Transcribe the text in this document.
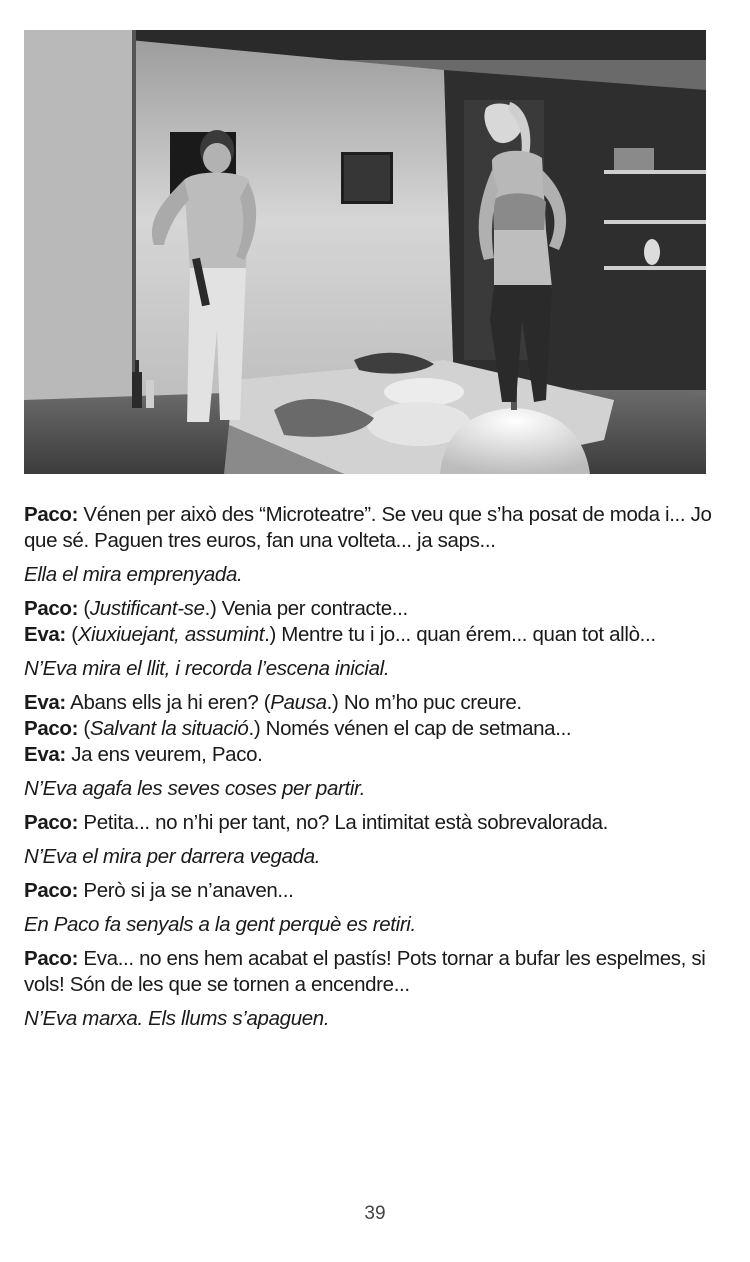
Paco: Vénen per això des “Microteatre”. Se veu que s’ha posat de moda i... Jo que sé. Paguen tres euros, fan una volteta... ja saps...
Ella el mira emprenyada.
Paco: (Justificant-se.) Venia per contracte...
Eva: (Xiuxiuejant, assumint.) Mentre tu i jo... quan érem... quan tot allò...
N’Eva mira el llit, i recorda l’escena inicial.
Eva: Abans ells ja hi eren? (Pausa.) No m’ho puc creure.
Paco: (Salvant la situació.) Només vénen el cap de setmana...
Eva: Ja ens veurem, Paco.
N’Eva agafa les seves coses per partir.
Paco: Petita... no n’hi per tant, no? La intimitat està sobrevalorada.
N’Eva el mira per darrera vegada.
Paco: Però si ja se n’anaven...
En Paco fa senyals a la gent perquè es retiri.
Paco: Eva... no ens hem acabat el pastís! Pots tornar a bufar les espelmes, si vols! Són de les que se tornen a encendre...
N’Eva marxa. Els llums s’apaguen.
39
